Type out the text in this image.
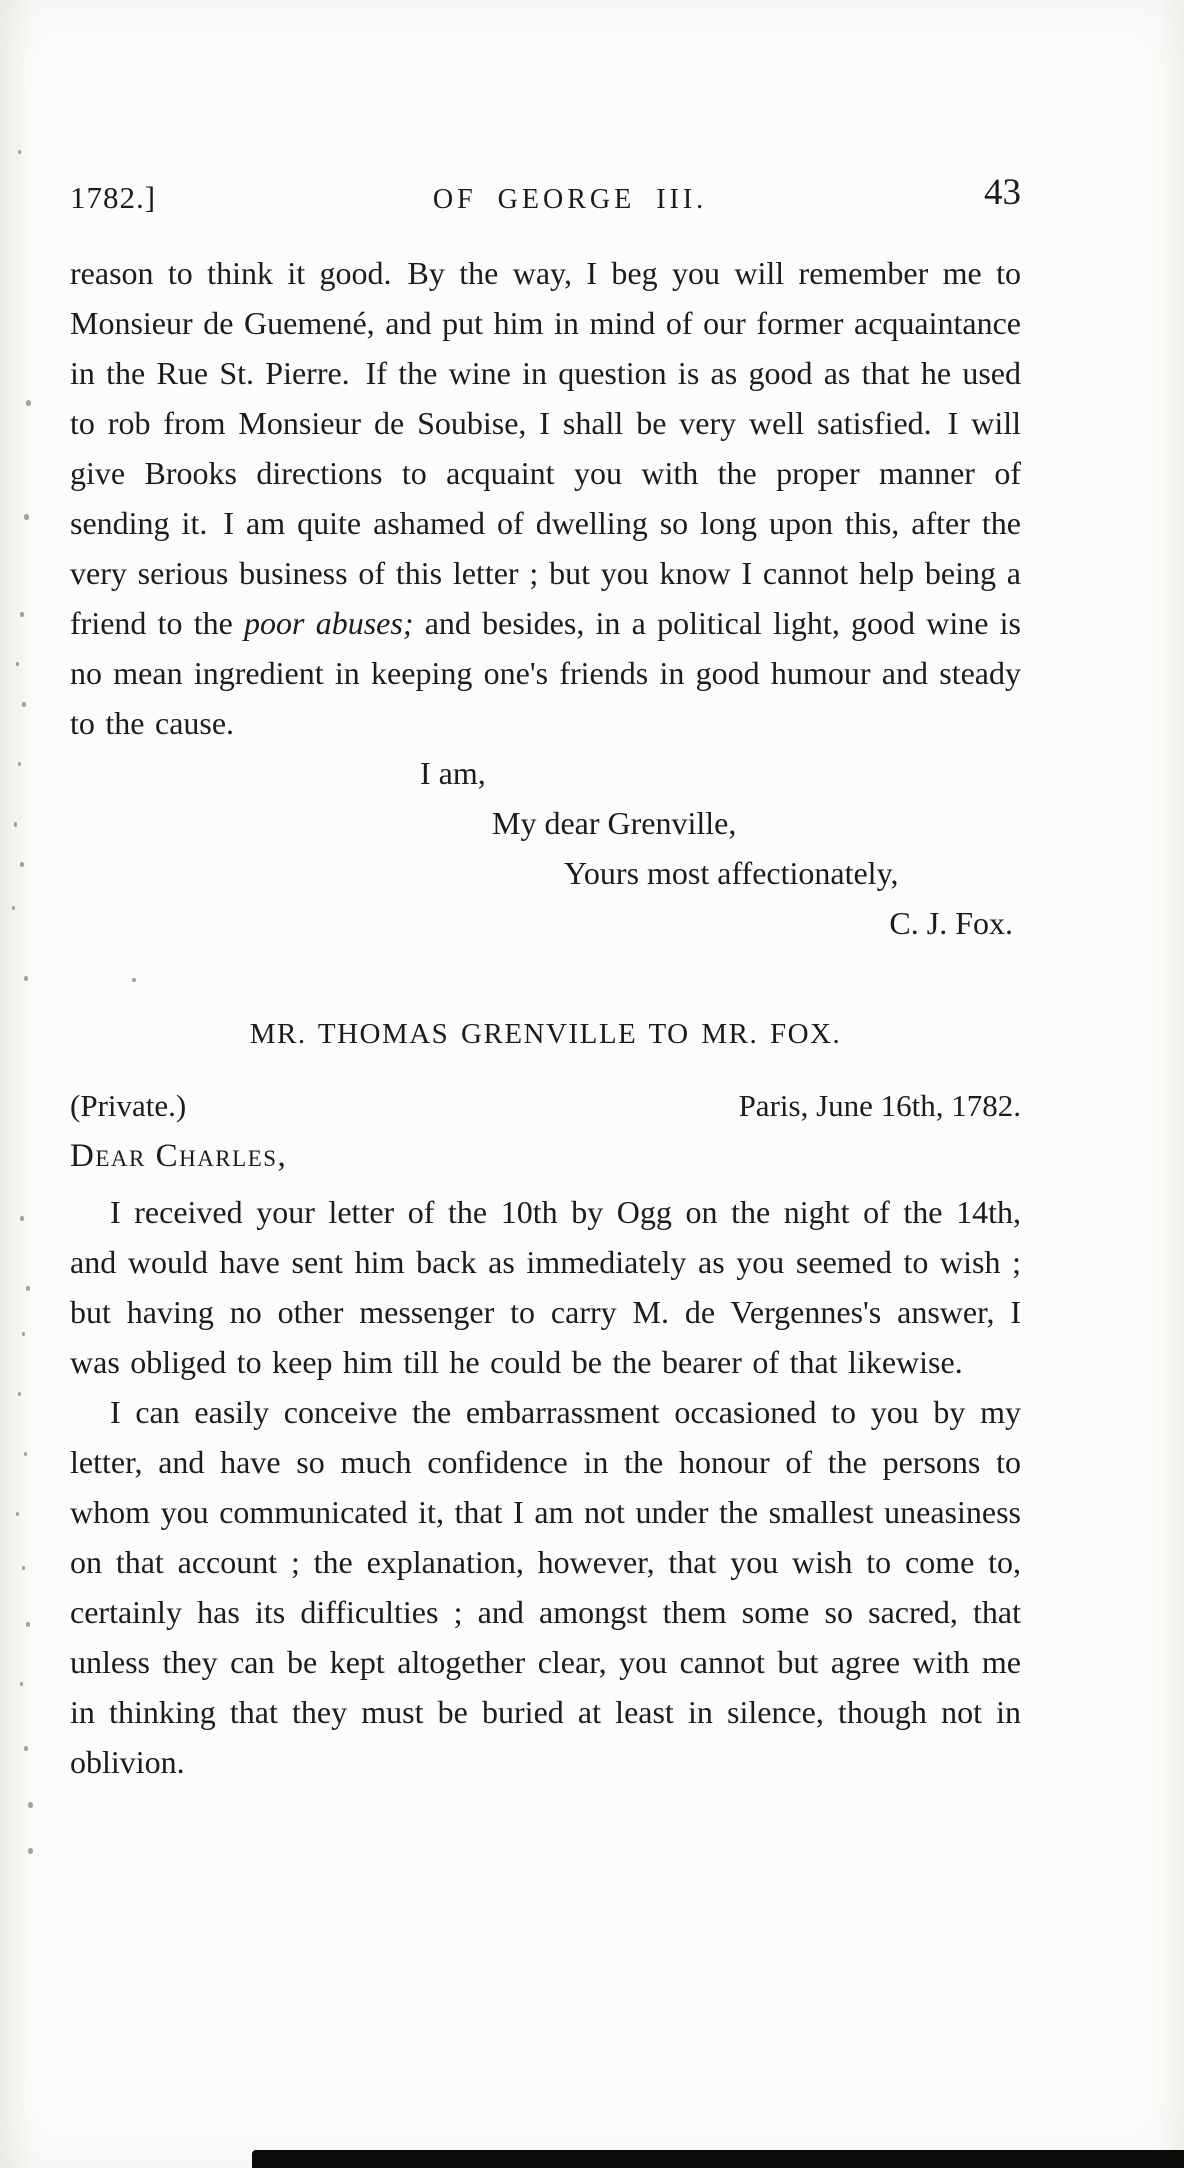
1782.]	OF GEORGE III.	43

reason to think it good. By the way, I beg you will remember me to Monsieur de Guemené, and put him in mind of our former acquaintance in the Rue St. Pierre. If the wine in question is as good as that he used to rob from Monsieur de Soubise, I shall be very well satisfied. I will give Brooks directions to acquaint you with the proper manner of sending it. I am quite ashamed of dwelling so long upon this, after the very serious business of this letter ; but you know I cannot help being a friend to the poor abuses; and besides, in a political light, good wine is no mean ingredient in keeping one's friends in good humour and steady to the cause.

I am,
My dear Grenville,
Yours most affectionately,
C. J. Fox.
MR. THOMAS GRENVILLE TO MR. FOX.
(Private.)	Paris, June 16th, 1782.
Dear Charles,

I received your letter of the 10th by Ogg on the night of the 14th, and would have sent him back as immediately as you seemed to wish ; but having no other messenger to carry M. de Vergennes's answer, I was obliged to keep him till he could be the bearer of that likewise.

I can easily conceive the embarrassment occasioned to you by my letter, and have so much confidence in the honour of the persons to whom you communicated it, that I am not under the smallest uneasiness on that account ; the explanation, however, that you wish to come to, certainly has its difficulties ; and amongst them some so sacred, that unless they can be kept altogether clear, you cannot but agree with me in thinking that they must be buried at least in silence, though not in oblivion.
